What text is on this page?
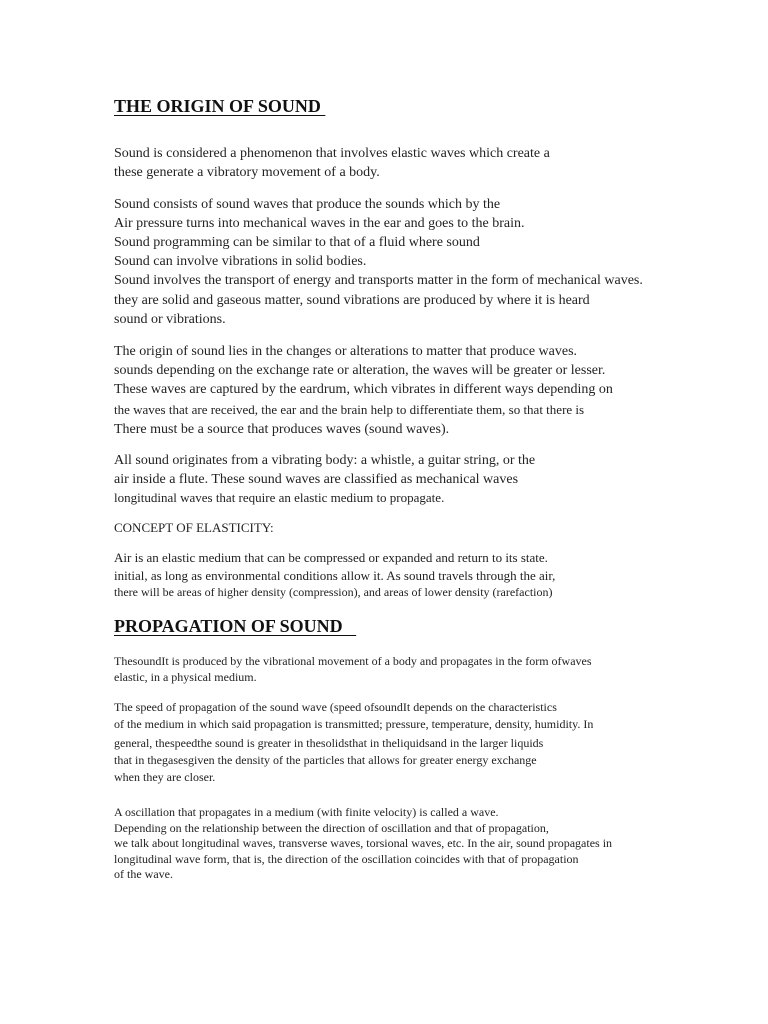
THE ORIGIN OF SOUND

Sound is considered a phenomenon that involves elastic waves which create a

these generate a vibratory movement of a body.

Sound consists of sound waves that produce the sounds which by the

Air pressure turns into mechanical waves in the ear and goes to the brain.

Sound programming can be similar to that of a fluid where sound

Sound can involve vibrations in solid bodies.

Sound involves the transport of energy and transports matter in the form of mechanical waves.

they are solid and gaseous matter, sound vibrations are produced by where it is heard

sound or vibrations.

The origin of sound lies in the changes or alterations to matter that produce waves.

sounds depending on the exchange rate or alteration, the waves will be greater or lesser.

These waves are captured by the eardrum, which vibrates in different ways depending on

the waves that are received, the ear and the brain help to differentiate them, so that there is

There must be a source that produces waves (sound waves).

All sound originates from a vibrating body: a whistle, a guitar string, or the

air inside a flute. These sound waves are classified as mechanical waves

longitudinal waves that require an elastic medium to propagate.

CONCEPT OF ELASTICITY:

Air is an elastic medium that can be compressed or expanded and return to its state.

initial, as long as environmental conditions allow it. As sound travels through the air,

there will be areas of higher density (compression), and areas of lower density (rarefaction)

PROPAGATION OF SOUND

ThesoundIt is produced by the vibrational movement of a body and propagates in the form ofwaves

elastic, in a physical medium.

The speed of propagation of the sound wave (speed ofsoundIt depends on the characteristics

of the medium in which said propagation is transmitted; pressure, temperature, density, humidity. In

general, thespeedthe sound is greater in thesolidsthat in theliquidsand in the larger liquids

that in thegasesgiven the density of the particles that allows for greater energy exchange

when they are closer.

A oscillation that propagates in a medium (with finite velocity) is called a wave.

Depending on the relationship between the direction of oscillation and that of propagation,

we talk about longitudinal waves, transverse waves, torsional waves, etc. In the air, sound propagates in

longitudinal wave form, that is, the direction of the oscillation coincides with that of propagation

of the wave.
